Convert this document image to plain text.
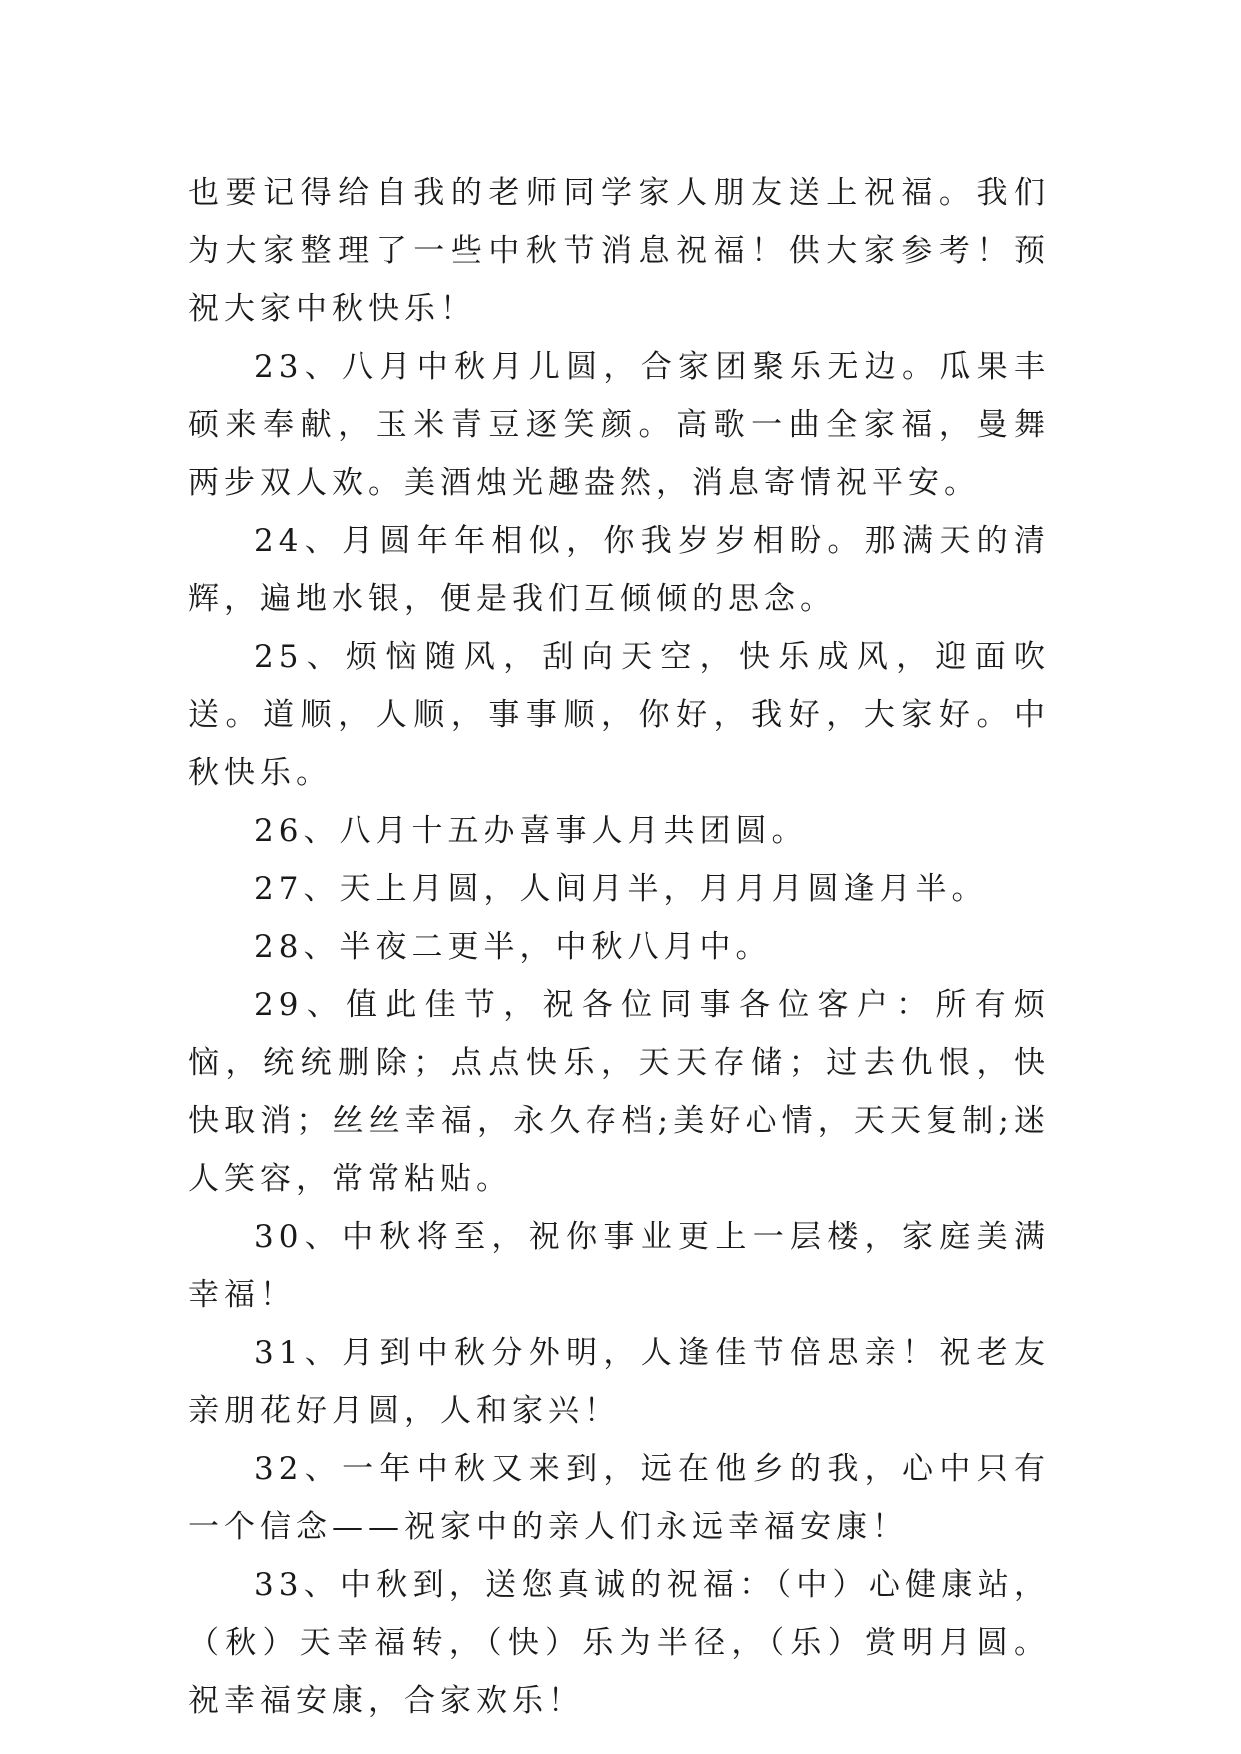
也要记得给自我的老师同学家人朋友送上祝福。我们为大家整理了一些中秋节消息祝福！供大家参考！预祝大家中秋快乐！

23、八月中秋月儿圆，合家团聚乐无边。瓜果丰硕来奉献，玉米青豆逐笑颜。高歌一曲全家福，曼舞两步双人欢。美酒烛光趣盎然，消息寄情祝平安。

24、月圆年年相似，你我岁岁相盼。那满天的清辉，遍地水银，便是我们互倾倾的思念。

25、烦恼随风，刮向天空，快乐成风，迎面吹送。道顺，人顺，事事顺，你好，我好，大家好。中秋快乐。

26、八月十五办喜事人月共团圆。

27、天上月圆，人间月半，月月月圆逢月半。

28、半夜二更半，中秋八月中。

29、值此佳节，祝各位同事各位客户：所有烦恼，统统删除；点点快乐，天天存储；过去仇恨，快快取消；丝丝幸福，永久存档;美好心情，天天复制;迷人笑容，常常粘贴。

30、中秋将至，祝你事业更上一层楼，家庭美满幸福！

31、月到中秋分外明，人逢佳节倍思亲！祝老友亲朋花好月圆，人和家兴！

32、一年中秋又来到，远在他乡的我，心中只有一个信念——祝家中的亲人们永远幸福安康！

33、中秋到，送您真诚的祝福：（中）心健康站，（秋）天幸福转，（快）乐为半径，（乐）赏明月圆。祝幸福安康，合家欢乐！
